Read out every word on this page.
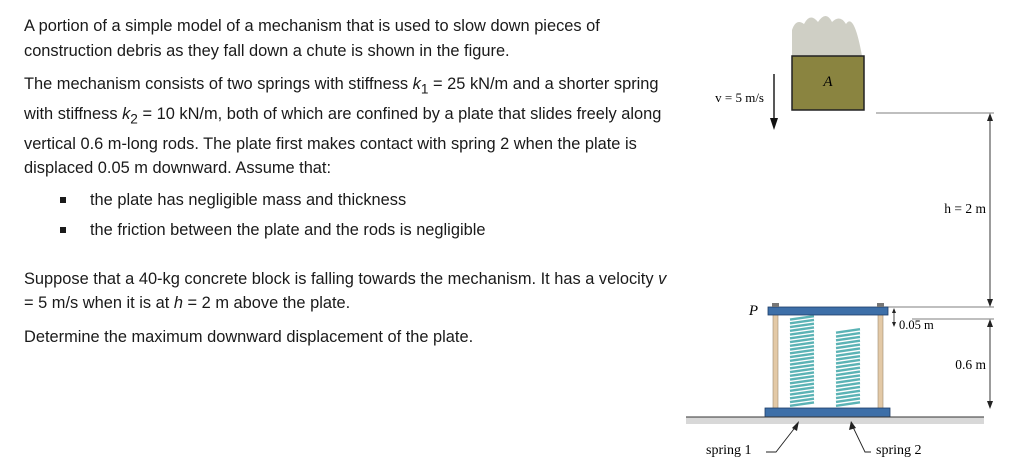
A portion of a simple model of a mechanism that is used to slow down pieces of construction debris as they fall down a chute is shown in the figure.

The mechanism consists of two springs with stiffness $k_1 = 25$ kN/m and a shorter spring with stiffness $k_2 = 10$ kN/m, both of which are confined by a plate that slides freely along vertical 0.6 m-long rods. The plate first makes contact with spring 2 when the plate is displaced 0.05 m downward. Assume that:

the plate has negligible mass and thickness
the friction between the plate and the rods is negligible

Suppose that a 40-kg concrete block is falling towards the mechanism. It has a velocity v = 5 m/s when it is at h = 2 m above the plate.

Determine the maximum downward displacement of the plate.

A
v = 5 m/s
h = 2 m
0.6 m
0.05 m
P
spring 1	spring 2
